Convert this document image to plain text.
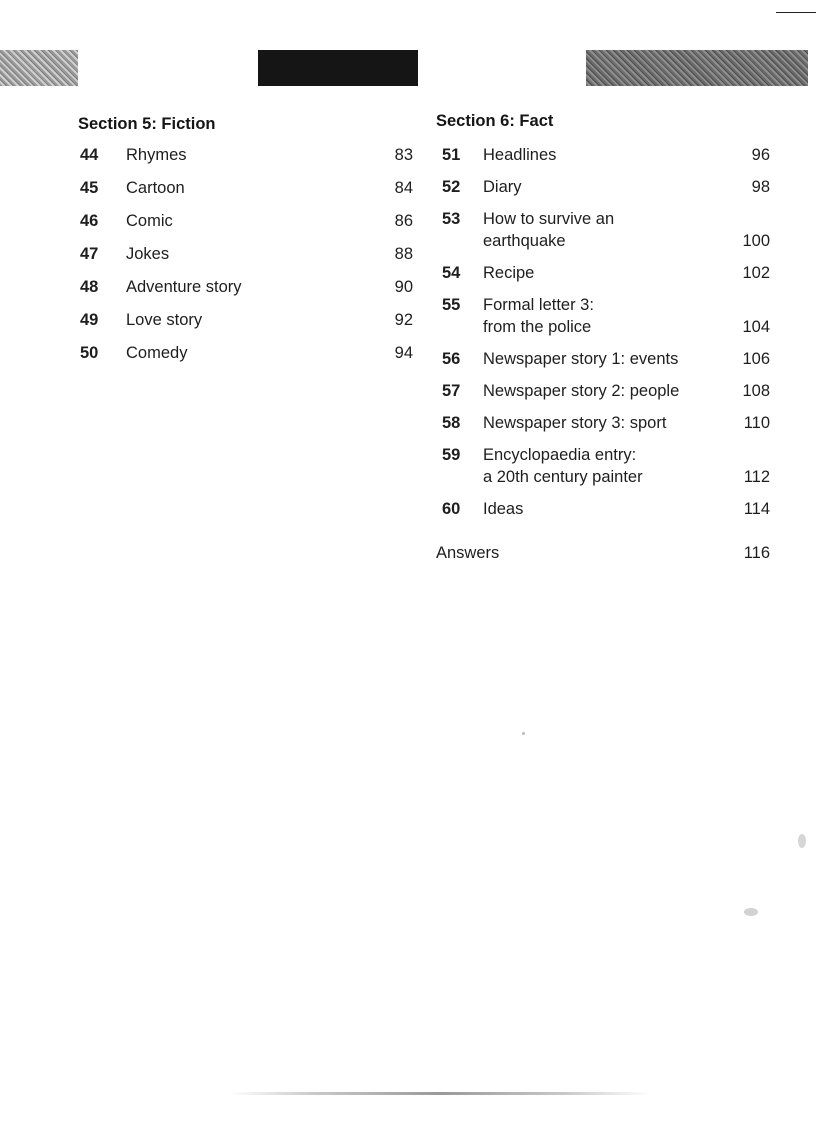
Section 5: Fiction	Section 6: Fact
44 Rhymes	83
45 Cartoon	84
46 Comic	86
47 Jokes	88
48 Adventure story	90
49 Love story	92
50 Comedy	94
51 Headlines	96
52 Diary	98
53 How to survive an
earthquake	100
54 Recipe	102
55 Formal letter 3:
from the police	104
56 Newspaper story 1: events	106
57 Newspaper story 2: people	108
58 Newspaper story 3: sport	110
59 Encyclopaedia entry:
a 20th century painter	112
60 Ideas	114
Answers	116
